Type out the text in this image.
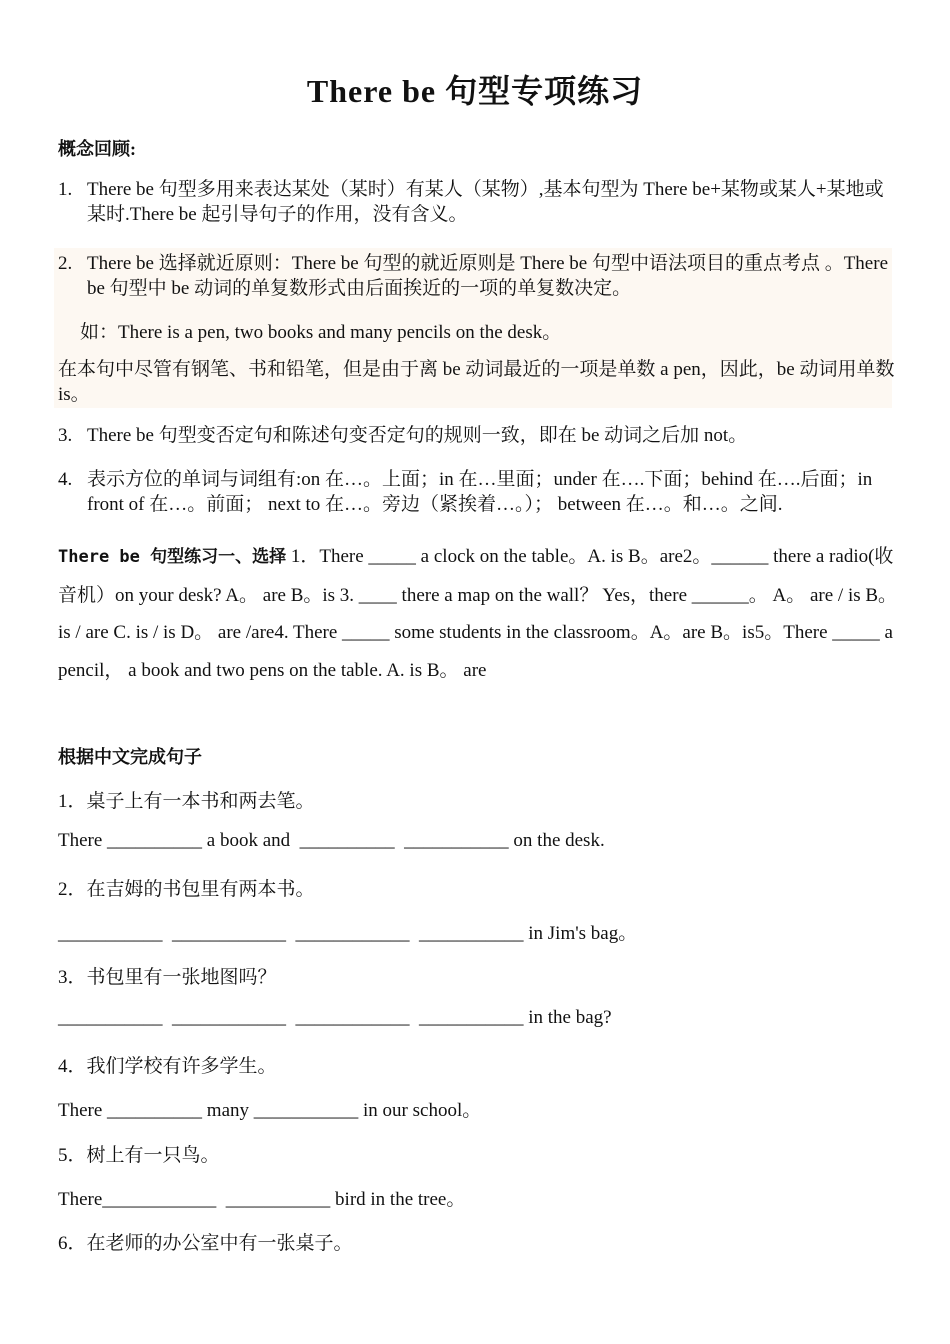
There be 句型专项练习
概念回顾:
1. There be 句型多用来表达某处（某时）有某人（某物）,基本句型为 There be+某物或某人+某地或某时.There be 起引导句子的作用，没有含义。
2. There be 选择就近原则：There be 句型的就近原则是 There be 句型中语法项目的重点考点 。There be 句型中 be 动词的单复数形式由后面挨近的一项的单复数决定。
如：There is a pen, two books and many pencils on the desk。
在本句中尽管有钢笔、书和铅笔，但是由于离 be 动词最近的一项是单数 a pen，因此，be 动词用单数 is。
3. There be 句型变否定句和陈述句变否定句的规则一致，即在 be 动词之后加 not。
4. 表示方位的单词与词组有:on 在…。上面；in 在…里面；under 在….下面；behind 在….后面；in front of 在…。前面； next to 在…。旁边（紧挨着…。）； between 在…。和…。之间.
There be 句型练习一、选择 1．There _____ a clock on the table。A. is B。are2。______ there a radio(收音机）on your desk? A。 are B。is 3. ____ there a map on the wall？ Yes，there ______。 A。 are / is B。 is / are C. is / is D。 are /are4. There _____ some students in the classroom。A。are B。is5。There _____ a pencil， a book and two pens on the table. A. is B。 are
根据中文完成句子
1．桌子上有一本书和两去笔。
There __________ a book and  __________  ___________ on the desk.
2．在吉姆的书包里有两本书。
___________  ____________  ____________  ___________ in Jim's bag。
3．书包里有一张地图吗？
___________  ____________  ____________  ___________ in the bag?
4．我们学校有许多学生。
There __________ many ___________ in our school。
5．树上有一只鸟。
There____________  ___________ bird in the tree。
6．在老师的办公室中有一张桌子。
